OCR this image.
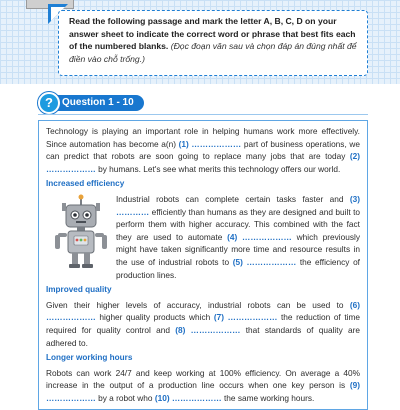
Read the following passage and mark the letter A, B, C, D on your answer sheet to indicate the correct word or phrase that best fits each of the numbered blanks. (Đọc đoạn văn sau và chọn đáp án đúng nhất để điền vào chỗ trống.)
? Question 1 - 10

Technology is playing an important role in helping humans work more effectively. Since automation has become a(n) (1) ……………… part of business operations, we can predict that robots are soon going to replace many jobs that are today (2) ……………… by humans. Let's see what merits this technology offers our world.

Increased efficiency

Industrial robots can complete certain tasks faster and (3) ………… efficiently than humans as they are designed and built to perform them with higher accuracy. This combined with the fact they are used to automate (4) ……………… which previously might have taken significantly more time and resource results in the use of industrial robots to (5) ……………… the efficiency of production lines.

Improved quality

Given their higher levels of accuracy, industrial robots can be used to (6) ……………… higher quality products which (7) ……………… the reduction of time required for quality control and (8) ……………… that standards of quality are adhered to.

Longer working hours

Robots can work 24/7 and keep working at 100% efficiency. On average a 40% increase in the output of a production line occurs when one key person is (9) ……………… by a robot who (10) ……………… the same working hours.
